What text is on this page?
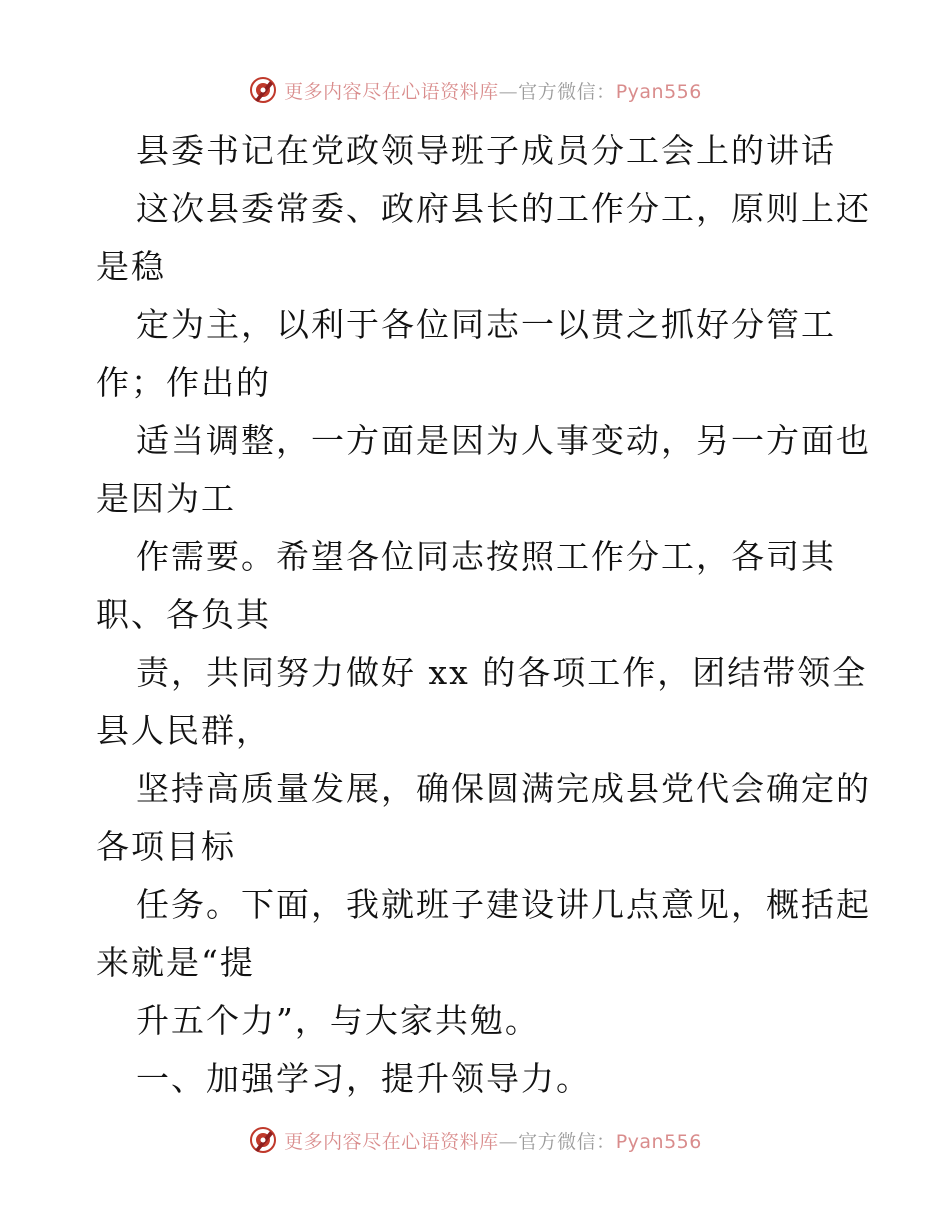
更多内容尽在心语资料库—官方微信：Pyan556
县委书记在党政领导班子成员分工会上的讲话
这次县委常委、政府县长的工作分工，原则上还
是稳
定为主，以利于各位同志一以贯之抓好分管工
作；作出的
适当调整，一方面是因为人事变动，另一方面也
是因为工
作需要。希望各位同志按照工作分工，各司其
职、各负其
责，共同努力做好 xx 的各项工作，团结带领全
县人民群，
坚持高质量发展，确保圆满完成县党代会确定的
各项目标
任务。下面，我就班子建设讲几点意见，概括起
来就是“提
升五个力”，与大家共勉。
一、加强学习，提升领导力。
更多内容尽在心语资料库—官方微信：Pyan556
